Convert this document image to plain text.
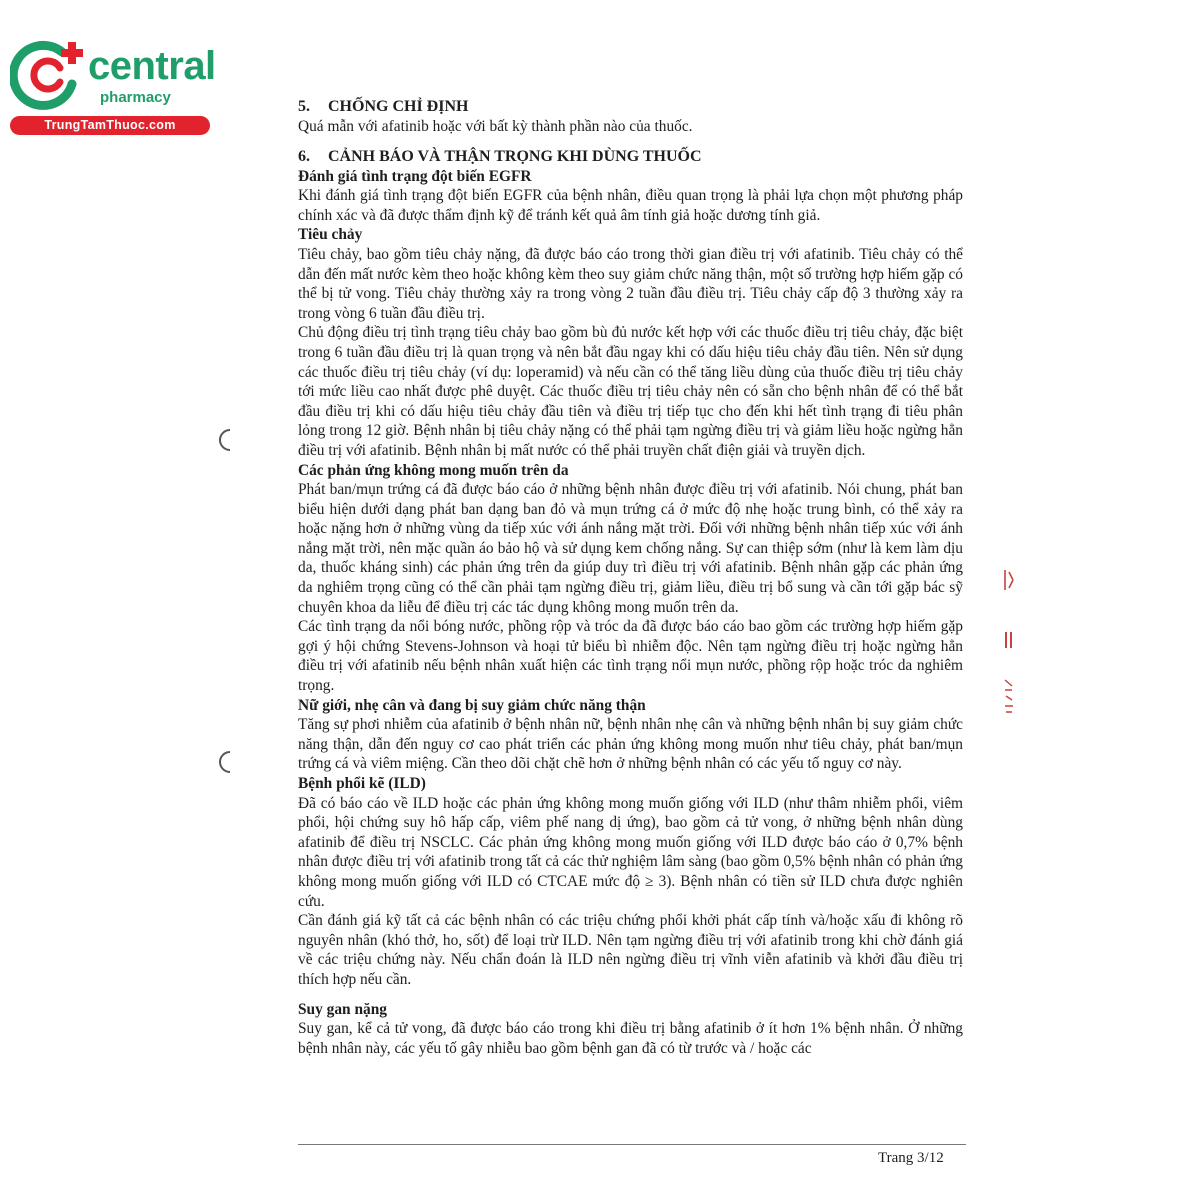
central
pharmacy
TrungTamThuoc.com

5. CHỐNG CHỈ ĐỊNH

Quá mẫn với afatinib hoặc với bất kỳ thành phần nào của thuốc.

6. CẢNH BÁO VÀ THẬN TRỌNG KHI DÙNG THUỐC

Đánh giá tình trạng đột biến EGFR

Khi đánh giá tình trạng đột biến EGFR của bệnh nhân, điều quan trọng là phải lựa chọn một phương pháp chính xác và đã được thẩm định kỹ để tránh kết quả âm tính giả hoặc dương tính giả.

Tiêu chảy

Tiêu chảy, bao gồm tiêu chảy nặng, đã được báo cáo trong thời gian điều trị với afatinib. Tiêu chảy có thể dẫn đến mất nước kèm theo hoặc không kèm theo suy giảm chức năng thận, một số trường hợp hiếm gặp có thể bị tử vong. Tiêu chảy thường xảy ra trong vòng 2 tuần đầu điều trị. Tiêu chảy cấp độ 3 thường xảy ra trong vòng 6 tuần đầu điều trị.

Chủ động điều trị tình trạng tiêu chảy bao gồm bù đủ nước kết hợp với các thuốc điều trị tiêu chảy, đặc biệt trong 6 tuần đầu điều trị là quan trọng và nên bắt đầu ngay khi có dấu hiệu tiêu chảy đầu tiên. Nên sử dụng các thuốc điều trị tiêu chảy (ví dụ: loperamid) và nếu cần có thể tăng liều dùng của thuốc điều trị tiêu chảy tới mức liều cao nhất được phê duyệt. Các thuốc điều trị tiêu chảy nên có sẵn cho bệnh nhân để có thể bắt đầu điều trị khi có dấu hiệu tiêu chảy đầu tiên và điều trị tiếp tục cho đến khi hết tình trạng đi tiêu phân lỏng trong 12 giờ. Bệnh nhân bị tiêu chảy nặng có thể phải tạm ngừng điều trị và giảm liều hoặc ngừng hẳn điều trị với afatinib. Bệnh nhân bị mất nước có thể phải truyền chất điện giải và truyền dịch.

Các phản ứng không mong muốn trên da

Phát ban/mụn trứng cá đã được báo cáo ở những bệnh nhân được điều trị với afatinib. Nói chung, phát ban biểu hiện dưới dạng phát ban dạng ban đỏ và mụn trứng cá ở mức độ nhẹ hoặc trung bình, có thể xảy ra hoặc nặng hơn ở những vùng da tiếp xúc với ánh nắng mặt trời. Đối với những bệnh nhân tiếp xúc với ánh nắng mặt trời, nên mặc quần áo bảo hộ và sử dụng kem chống nắng. Sự can thiệp sớm (như là kem làm dịu da, thuốc kháng sinh) các phản ứng trên da giúp duy trì điều trị với afatinib. Bệnh nhân gặp các phản ứng da nghiêm trọng cũng có thể cần phải tạm ngừng điều trị, giảm liều, điều trị bổ sung và cần tới gặp bác sỹ chuyên khoa da liễu để điều trị các tác dụng không mong muốn trên da.

Các tình trạng da nổi bóng nước, phồng rộp và tróc da đã được báo cáo bao gồm các trường hợp hiếm gặp gợi ý hội chứng Stevens-Johnson và hoại tử biểu bì nhiễm độc. Nên tạm ngừng điều trị hoặc ngừng hẳn điều trị với afatinib nếu bệnh nhân xuất hiện các tình trạng nổi mụn nước, phồng rộp hoặc tróc da nghiêm trọng.

Nữ giới, nhẹ cân và đang bị suy giảm chức năng thận

Tăng sự phơi nhiễm của afatinib ở bệnh nhân nữ, bệnh nhân nhẹ cân và những bệnh nhân bị suy giảm chức năng thận, dẫn đến nguy cơ cao phát triển các phản ứng không mong muốn như tiêu chảy, phát ban/mụn trứng cá và viêm miệng. Cần theo dõi chặt chẽ hơn ở những bệnh nhân có các yếu tố nguy cơ này.

Bệnh phổi kẽ (ILD)

Đã có báo cáo về ILD hoặc các phản ứng không mong muốn giống với ILD (như thâm nhiễm phổi, viêm phổi, hội chứng suy hô hấp cấp, viêm phế nang dị ứng), bao gồm cả tử vong, ở những bệnh nhân dùng afatinib để điều trị NSCLC. Các phản ứng không mong muốn giống với ILD được báo cáo ở 0,7% bệnh nhân được điều trị với afatinib trong tất cả các thử nghiệm lâm sàng (bao gồm 0,5% bệnh nhân có phản ứng không mong muốn giống với ILD có CTCAE mức độ ≥ 3). Bệnh nhân có tiền sử ILD chưa được nghiên cứu.

Cần đánh giá kỹ tất cả các bệnh nhân có các triệu chứng phổi khởi phát cấp tính và/hoặc xấu đi không rõ nguyên nhân (khó thở, ho, sốt) để loại trừ ILD. Nên tạm ngừng điều trị với afatinib trong khi chờ đánh giá về các triệu chứng này. Nếu chẩn đoán là ILD nên ngừng điều trị vĩnh viễn afatinib và khởi đầu điều trị thích hợp nếu cần.

Suy gan nặng

Suy gan, kể cả tử vong, đã được báo cáo trong khi điều trị bằng afatinib ở ít hơn 1% bệnh nhân. Ở những bệnh nhân này, các yếu tố gây nhiễu bao gồm bệnh gan đã có từ trước và / hoặc các

Trang 3/12
